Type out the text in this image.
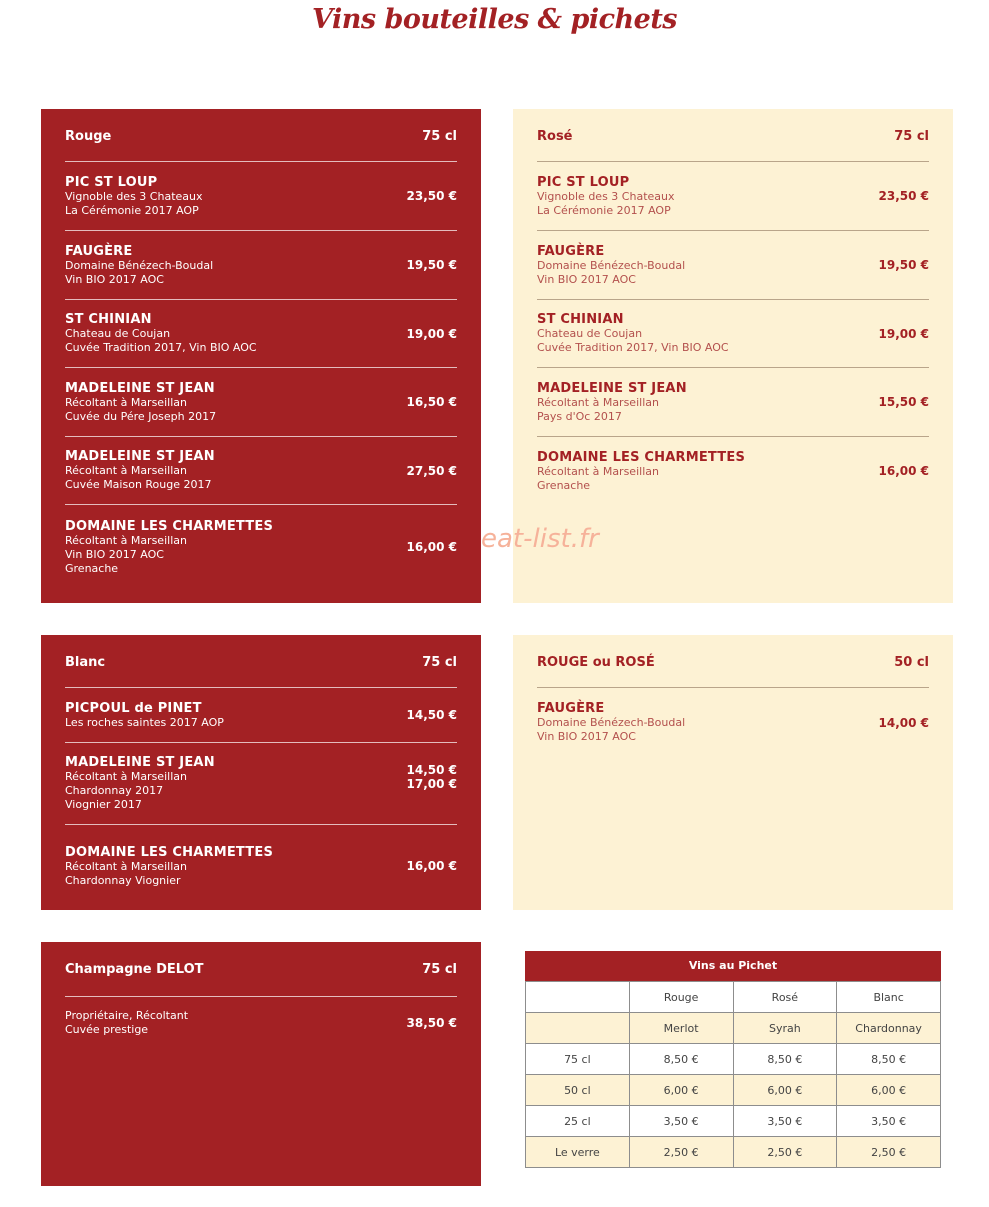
Vins bouteilles & pichets
Rouge	75 cl
PIC ST LOUP
Vignoble des 3 Chateaux
La Cérémonie 2017 AOP
23,50 €
FAUGÈRE
Domaine Bénézech-Boudal
Vin BIO 2017 AOC
19,50 €
ST CHINIAN
Chateau de Coujan
Cuvée Tradition 2017, Vin BIO AOC
19,00 €
MADELEINE ST JEAN
Récoltant à Marseillan
Cuvée du Pére Joseph 2017
16,50 €
MADELEINE ST JEAN
Récoltant à Marseillan
Cuvée Maison Rouge 2017
27,50 €
DOMAINE LES CHARMETTES
Récoltant à Marseillan
Vin BIO 2017 AOC
Grenache
16,00 €
Rosé	75 cl
PIC ST LOUP
Vignoble des 3 Chateaux
La Cérémonie 2017 AOP
23,50 €
FAUGÈRE
Domaine Bénézech-Boudal
Vin BIO 2017 AOC
19,50 €
ST CHINIAN
Chateau de Coujan
Cuvée Tradition 2017, Vin BIO AOC
19,00 €
MADELEINE ST JEAN
Récoltant à Marseillan
Pays d'Oc 2017
15,50 €
DOMAINE LES CHARMETTES
Récoltant à Marseillan
Grenache
16,00 €
Blanc	75 cl
PICPOUL de PINET
Les roches saintes 2017 AOP	14,50 €
MADELEINE ST JEAN
Récoltant à Marseillan
Chardonnay 2017
Viognier 2017
14,50 €
17,00 €
DOMAINE LES CHARMETTES
Récoltant à Marseillan
Chardonnay Viognier
16,00 €
ROUGE ou ROSÉ	50 cl
FAUGÈRE
Domaine Bénézech-Boudal
Vin BIO 2017 AOC
14,00 €
Champagne DELOT	75 cl
Propriétaire, Récoltant
Cuvée prestige	38,50 €
Vins au Pichet
	Rouge	Rosé	Blanc
	Merlot	Syrah	Chardonnay
75 cl	8,50 €	8,50 €	8,50 €
50 cl	6,00 €	6,00 €	6,00 €
25 cl	3,50 €	3,50 €	3,50 €
Le verre	2,50 €	2,50 €	2,50 €
eat-list.fr
